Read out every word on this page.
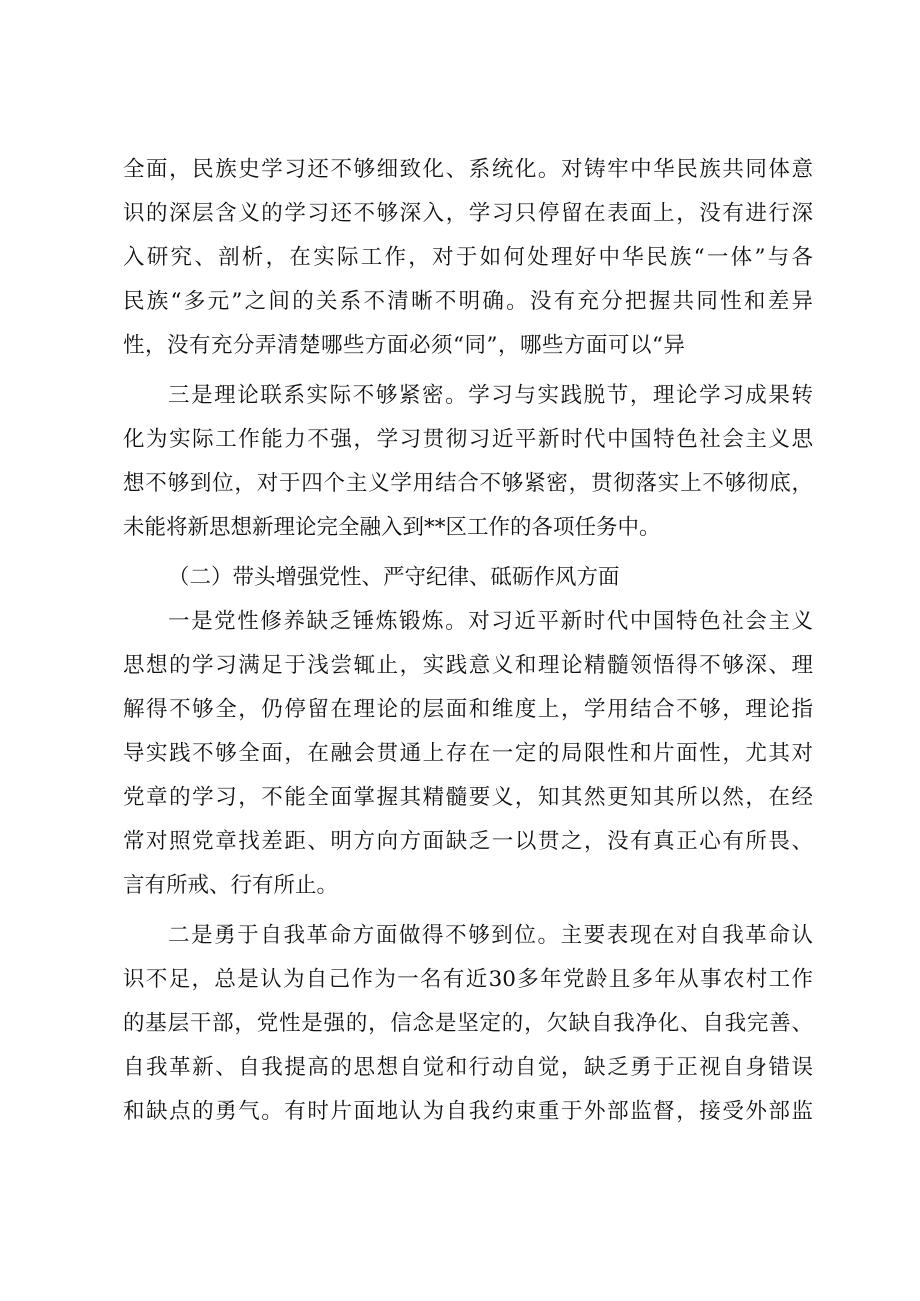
全面，民族史学习还不够细致化、系统化。对铸牢中华民族共同体意
识的深层含义的学习还不够深入，学习只停留在表面上，没有进行深
入研究、剖析，在实际工作，对于如何处理好中华民族“一体”与各
民族“多元”之间的关系不清晰不明确。没有充分把握共同性和差异
性，没有充分弄清楚哪些方面必须“同”，哪些方面可以“异
三是理论联系实际不够紧密。学习与实践脱节，理论学习成果转
化为实际工作能力不强，学习贯彻习近平新时代中国特色社会主义思
想不够到位，对于四个主义学用结合不够紧密，贯彻落实上不够彻底，
未能将新思想新理论完全融入到**区工作的各项任务中。
（二）带头增强党性、严守纪律、砥砺作风方面
一是党性修养缺乏锤炼锻炼。对习近平新时代中国特色社会主义
思想的学习满足于浅尝辄止，实践意义和理论精髓领悟得不够深、理
解得不够全，仍停留在理论的层面和维度上，学用结合不够，理论指
导实践不够全面，在融会贯通上存在一定的局限性和片面性，尤其对
党章的学习，不能全面掌握其精髓要义，知其然更知其所以然，在经
常对照党章找差距、明方向方面缺乏一以贯之，没有真正心有所畏、
言有所戒、行有所止。
二是勇于自我革命方面做得不够到位。主要表现在对自我革命认
识不足，总是认为自己作为一名有近30多年党龄且多年从事农村工作
的基层干部，党性是强的，信念是坚定的，欠缺自我净化、自我完善、
自我革新、自我提高的思想自觉和行动自觉，缺乏勇于正视自身错误
和缺点的勇气。有时片面地认为自我约束重于外部监督，接受外部监
